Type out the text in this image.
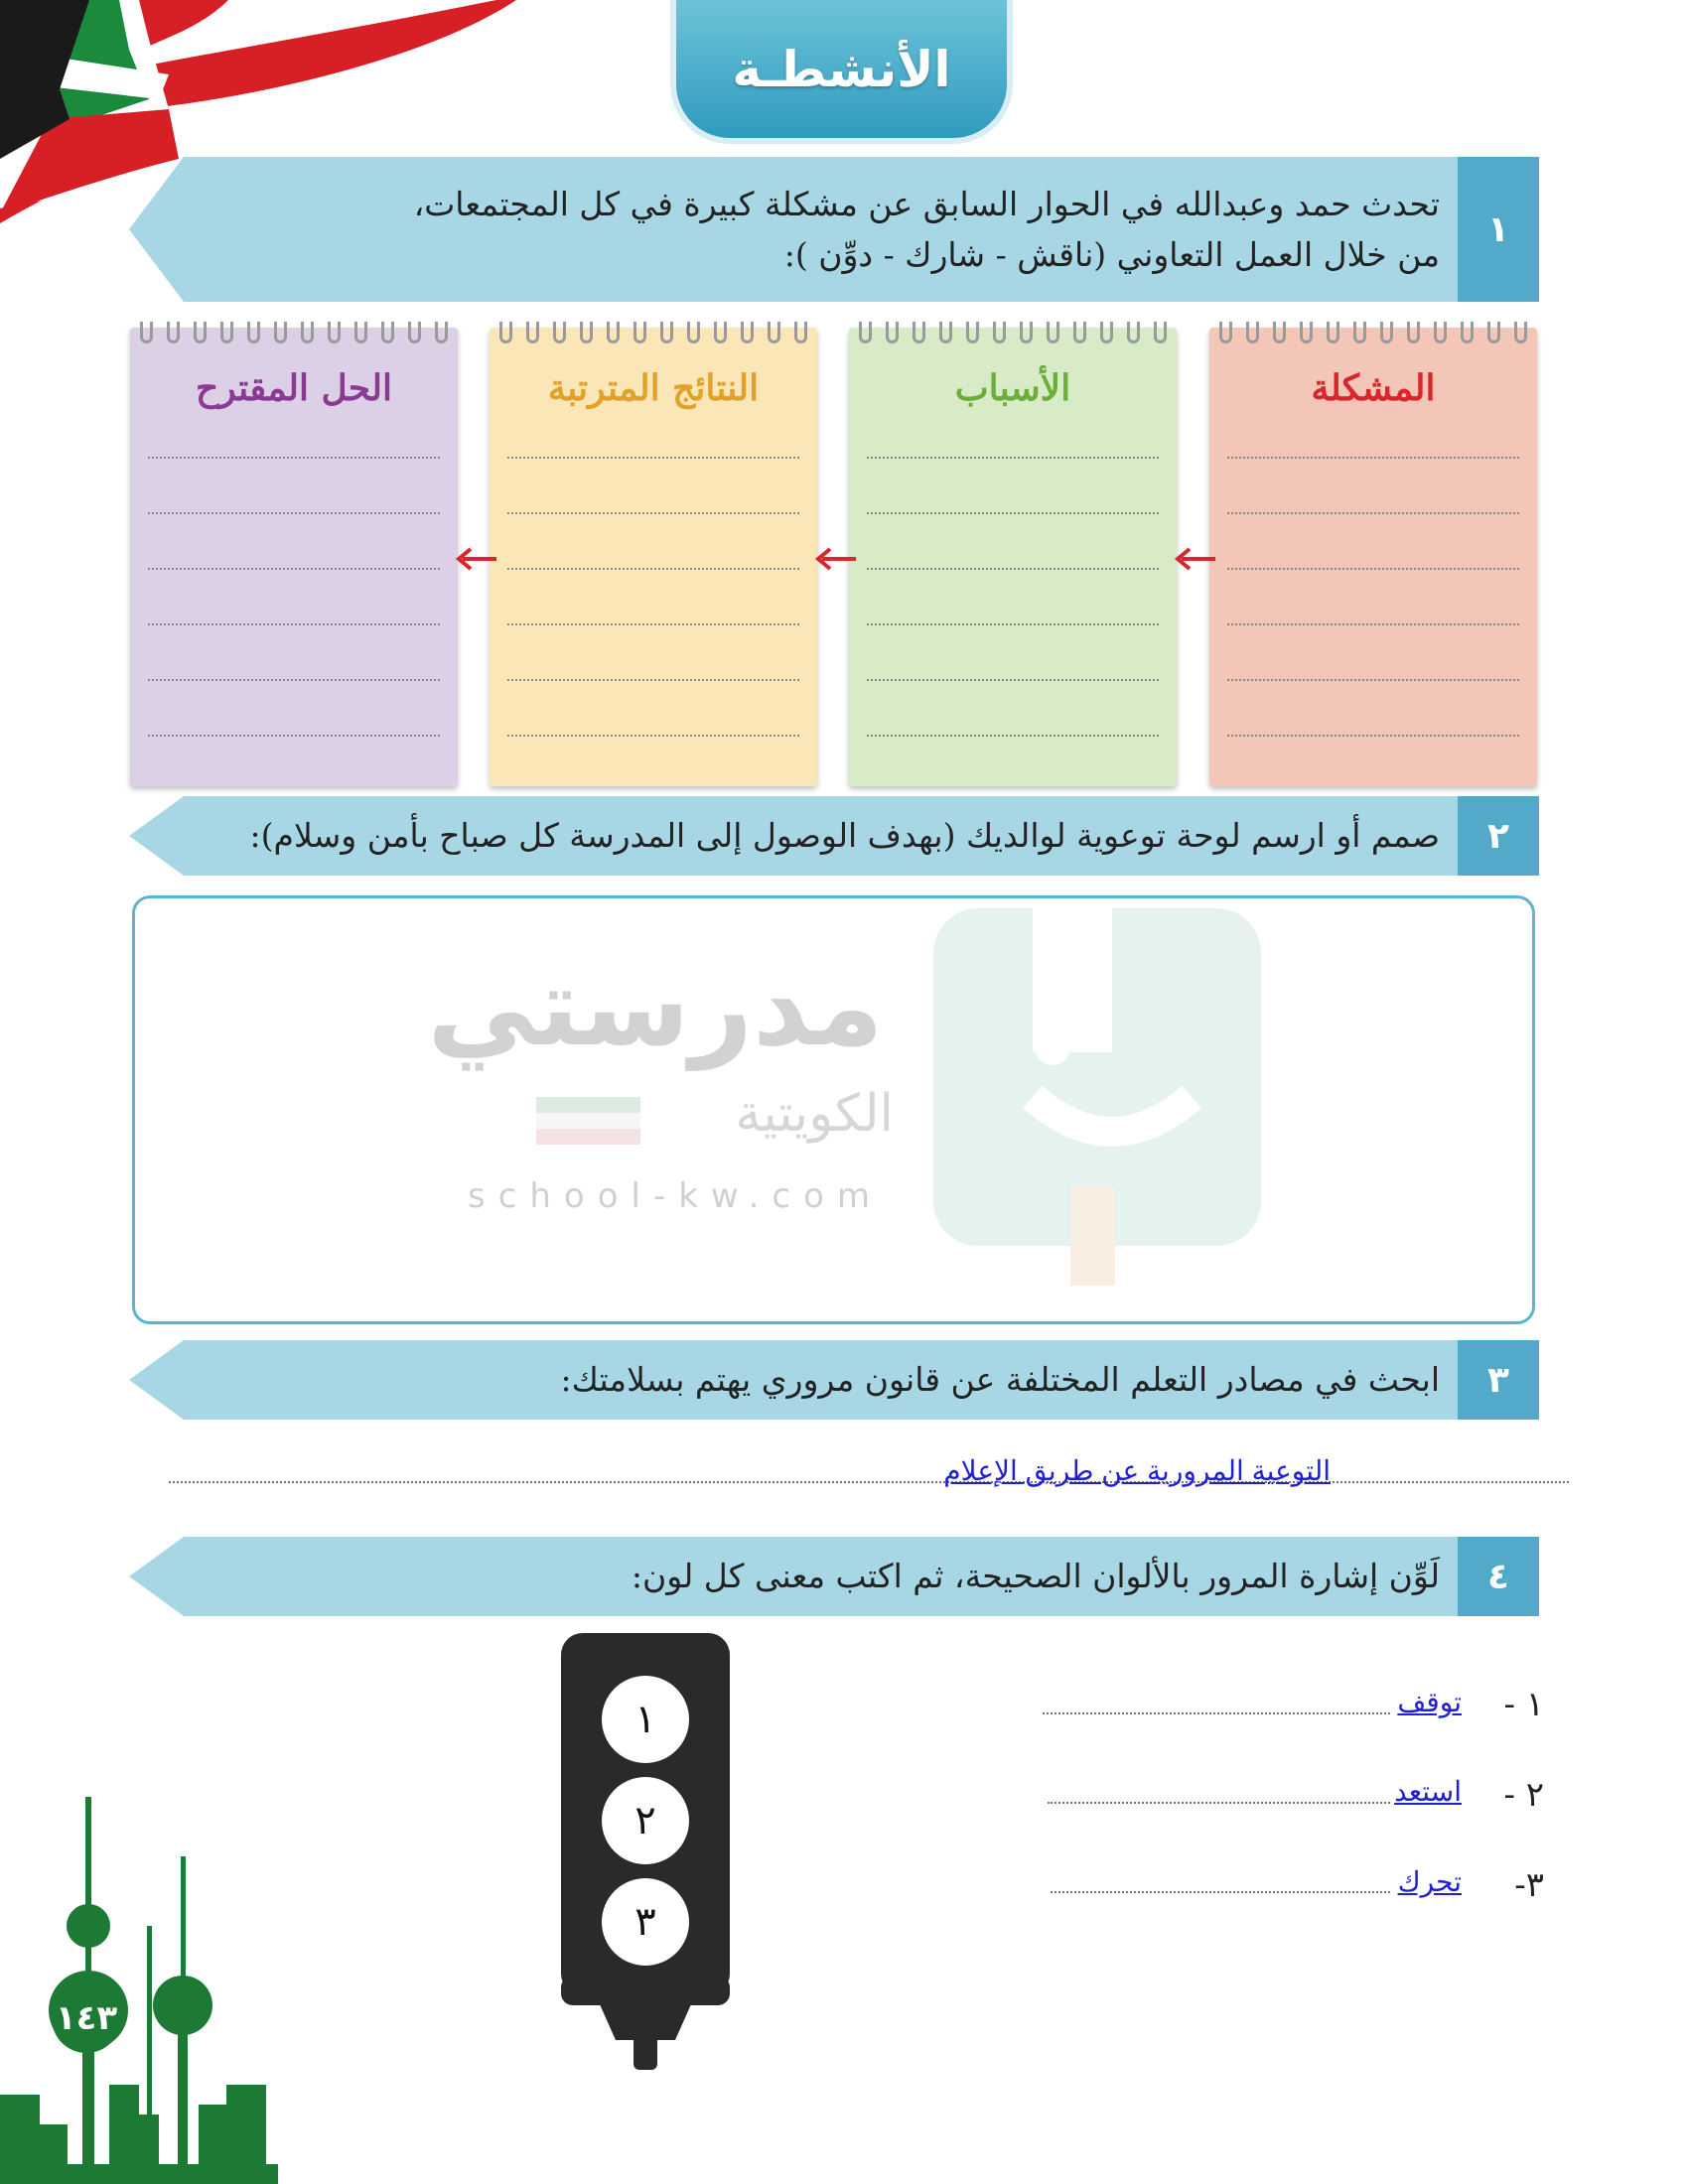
الأنشطـة
١
تحدث حمد وعبدالله في الحوار السابق عن مشكلة كبيرة في كل المجتمعات،
من خلال العمل التعاوني (ناقش - شارك - دوِّن ):
المشكلة
الأسباب
النتائج المترتبة
الحل المقترح
٢
صمم أو ارسم لوحة توعوية لوالديك (بهدف الوصول إلى المدرسة كل صباح بأمن وسلام):
مدرستي
الكويتية
school-kw.com
٣
ابحث في مصادر التعلم المختلفة عن قانون مروري يهتم بسلامتك:
التوعية المرورية عن طريق الإعلام
٤
لَوِّن إشارة المرور بالألوان الصحيحة، ثم اكتب معنى كل لون:
١
٢
٣
١ -
توقف
٢ -
استعد
٣-
تحرك
١٤٣
